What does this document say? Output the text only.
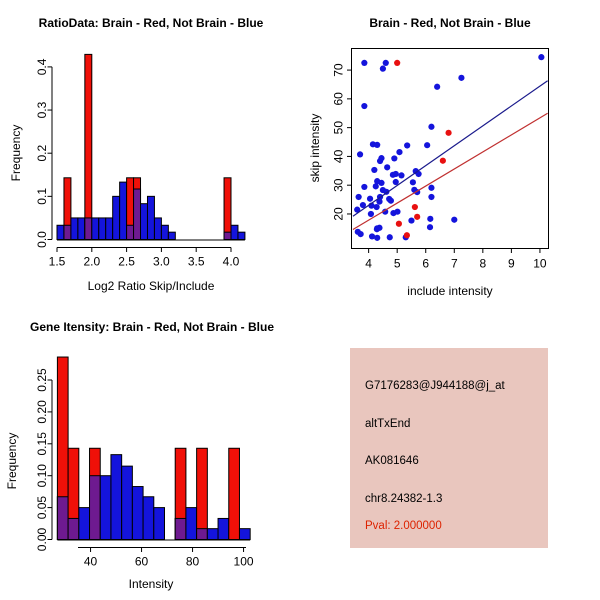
1.5 2.0 2.5 3.0 3.5 4.0
0.0
0.1
0.2
0.3
0.4
4 5 6 7 8 9 10
20
30
40
50
60
70
40	60	80	100
0.00
0.05
0.10
0.15
0.20
0.25
RatioData: Brain - Red, Not Brain - Blue
Log2 Ratio Skip/Include
Frequency
Brain - Red, Not Brain - Blue
include intensity
skip intensity
Gene Itensity: Brain - Red, Not Brain - Blue
Intensity
Frequency
G7176283@J944188@j_at
altTxEnd
AK081646
chr8.24382-1.3
Pval: 2.000000
